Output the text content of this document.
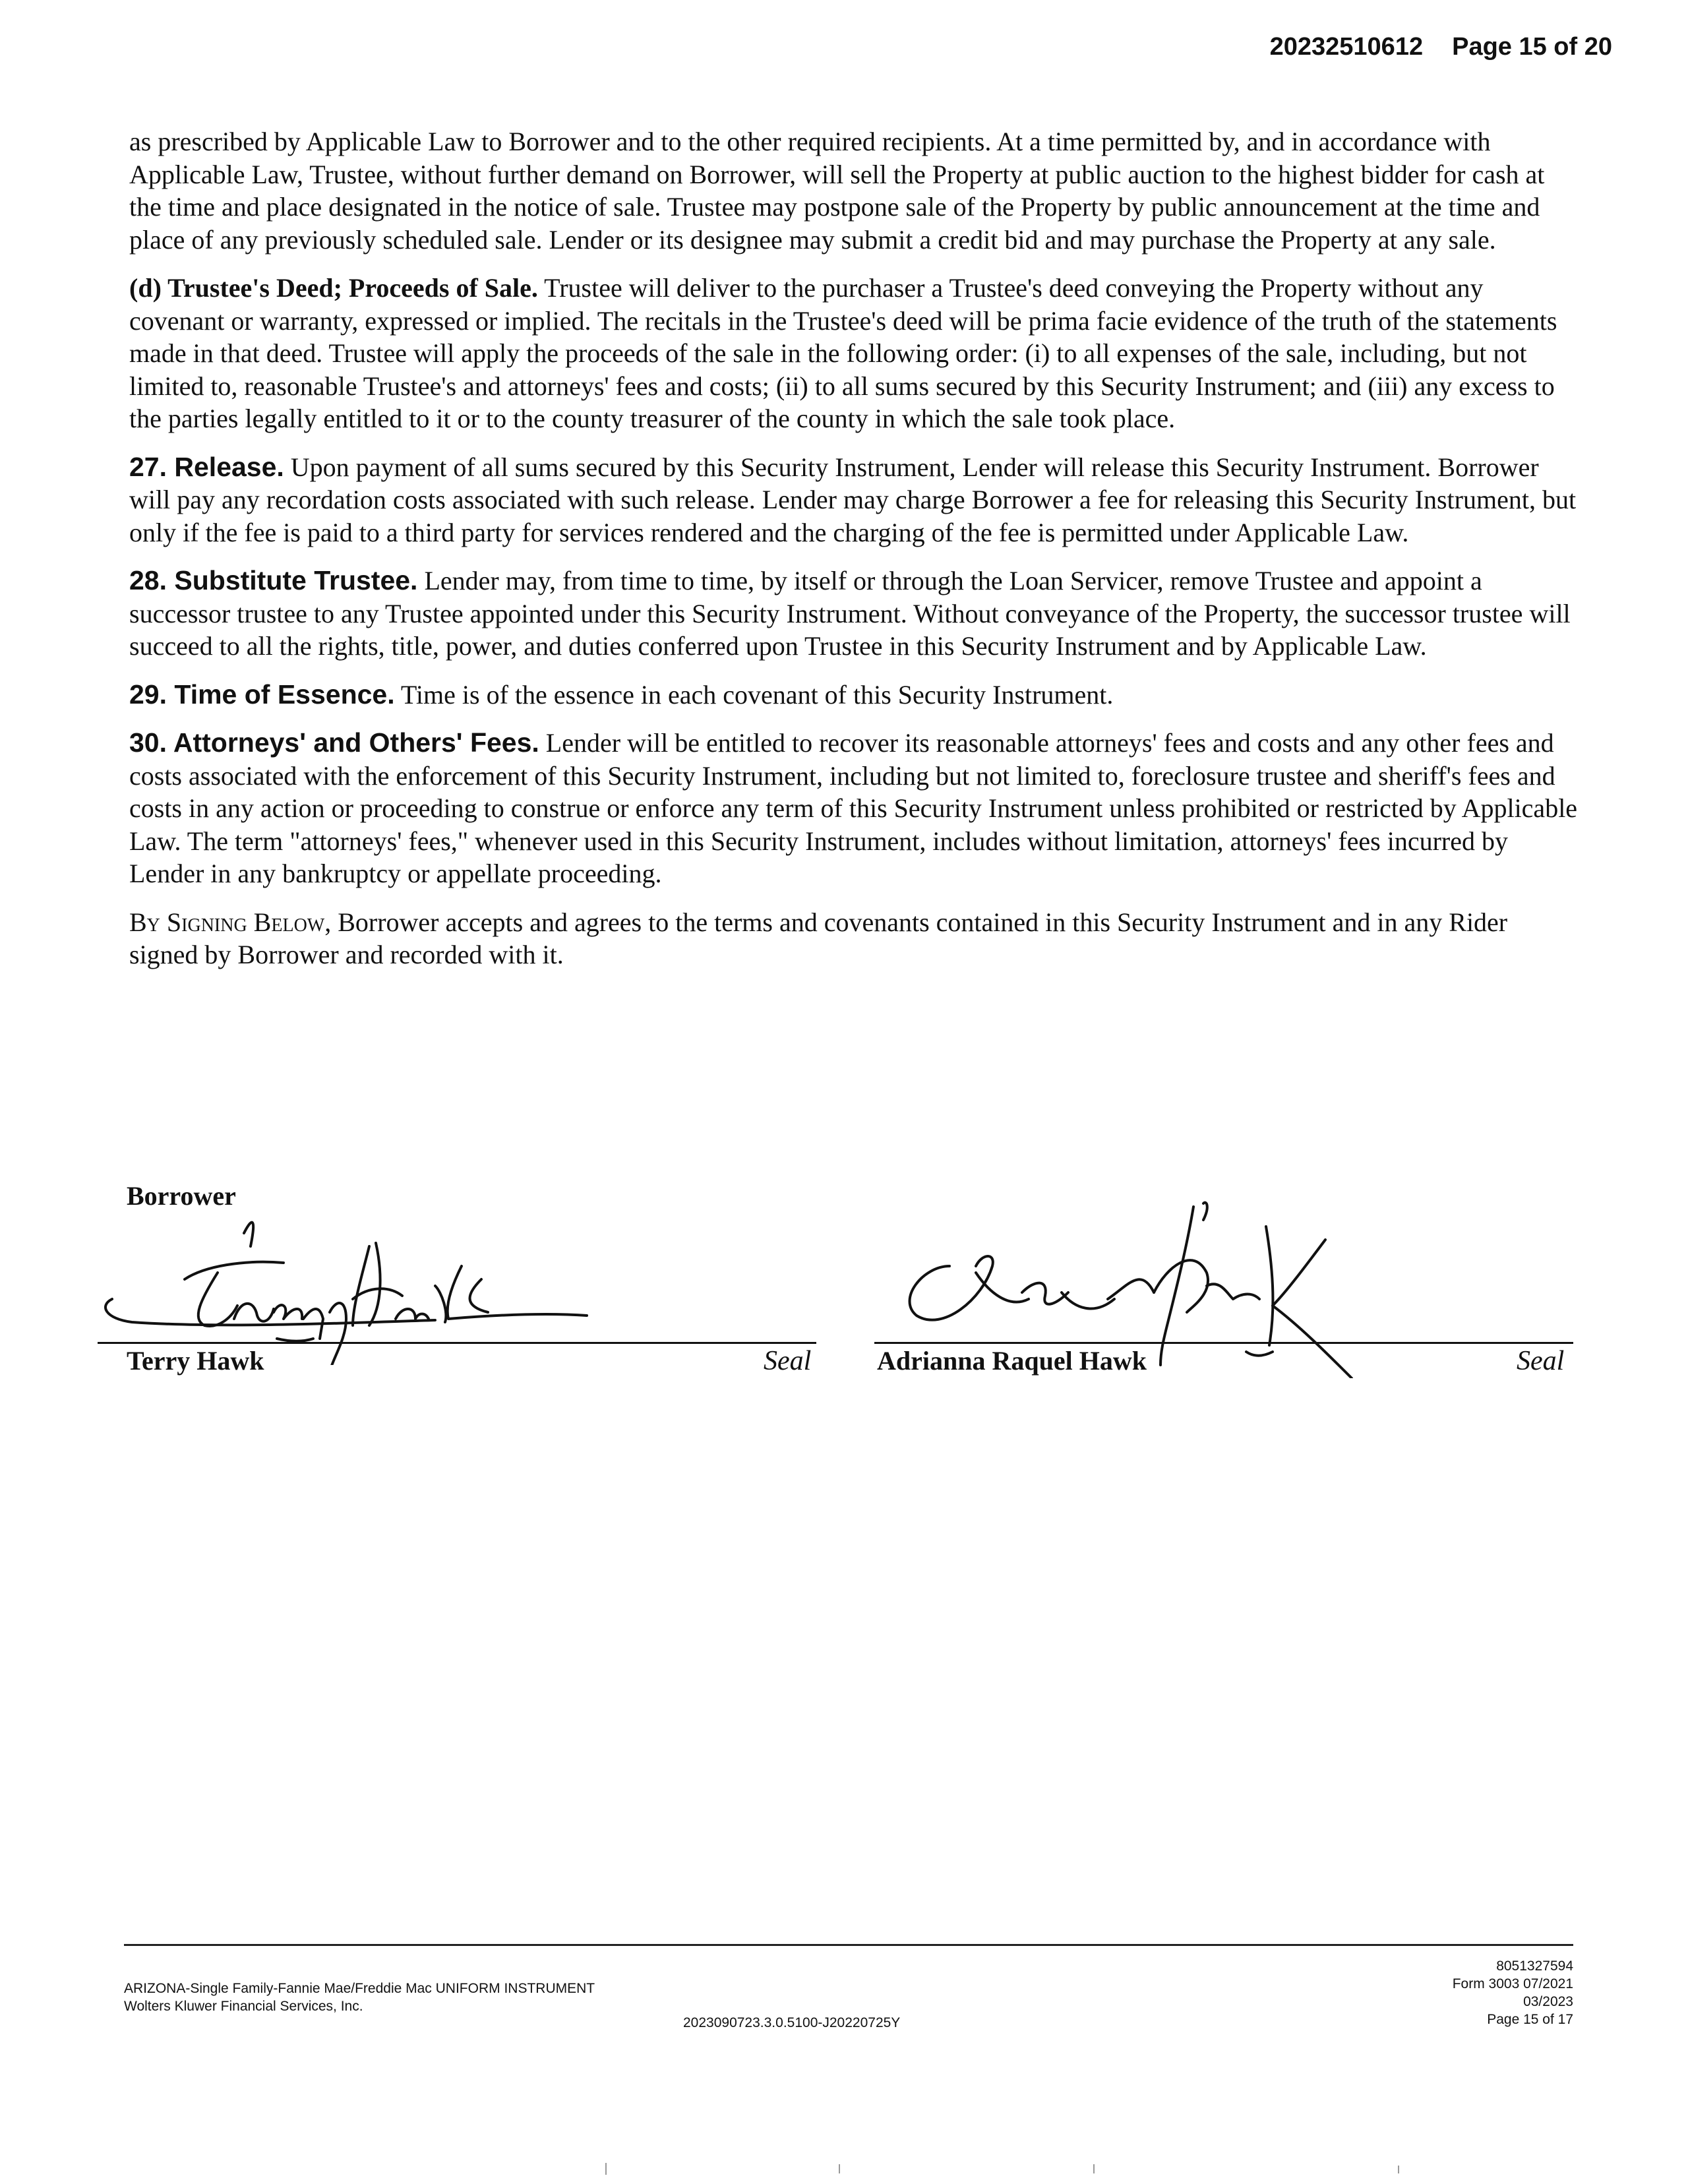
20232510612 Page 15 of 20

as prescribed by Applicable Law to Borrower and to the other required recipients. At a time permitted by, and in accordance with Applicable Law, Trustee, without further demand on Borrower, will sell the Property at public auction to the highest bidder for cash at the time and place designated in the notice of sale. Trustee may postpone sale of the Property by public announcement at the time and place of any previously scheduled sale. Lender or its designee may submit a credit bid and may purchase the Property at any sale.

(d) Trustee's Deed; Proceeds of Sale. Trustee will deliver to the purchaser a Trustee's deed conveying the Property without any covenant or warranty, expressed or implied. The recitals in the Trustee's deed will be prima facie evidence of the truth of the statements made in that deed. Trustee will apply the proceeds of the sale in the following order: (i) to all expenses of the sale, including, but not limited to, reasonable Trustee's and attorneys' fees and costs; (ii) to all sums secured by this Security Instrument; and (iii) any excess to the parties legally entitled to it or to the county treasurer of the county in which the sale took place.

27. Release. Upon payment of all sums secured by this Security Instrument, Lender will release this Security Instrument. Borrower will pay any recordation costs associated with such release. Lender may charge Borrower a fee for releasing this Security Instrument, but only if the fee is paid to a third party for services rendered and the charging of the fee is permitted under Applicable Law.

28. Substitute Trustee. Lender may, from time to time, by itself or through the Loan Servicer, remove Trustee and appoint a successor trustee to any Trustee appointed under this Security Instrument. Without conveyance of the Property, the successor trustee will succeed to all the rights, title, power, and duties conferred upon Trustee in this Security Instrument and by Applicable Law.

29. Time of Essence. Time is of the essence in each covenant of this Security Instrument.

30. Attorneys' and Others' Fees. Lender will be entitled to recover its reasonable attorneys' fees and costs and any other fees and costs associated with the enforcement of this Security Instrument, including but not limited to, foreclosure trustee and sheriff's fees and costs in any action or proceeding to construe or enforce any term of this Security Instrument unless prohibited or restricted by Applicable Law. The term "attorneys' fees," whenever used in this Security Instrument, includes without limitation, attorneys' fees incurred by Lender in any bankruptcy or appellate proceeding.

By Signing Below, Borrower accepts and agrees to the terms and covenants contained in this Security Instrument and in any Rider signed by Borrower and recorded with it.

Borrower
Terry Hawk	Seal Adrianna Raquel Hawk	Seal
ARIZONA-Single Family-Fannie Mae/Freddie Mac UNIFORM INSTRUMENT
Wolters Kluwer Financial Services, Inc.
2023090723.3.0.5100-J20220725Y
8051327594
Form 3003 07/2021
03/2023
Page 15 of 17
